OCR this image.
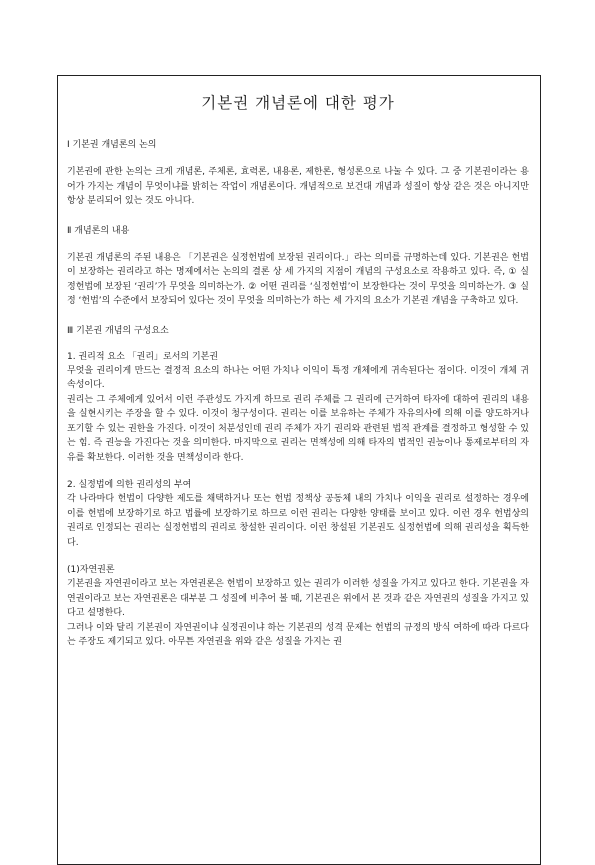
기본권 개념론에 대한 평가
Ⅰ 기본권 개념론의 논의

기본권에 관한 논의는 크게 개념론, 주체론, 효력론, 내용론, 제한론, 형성론으로 나눌 수 있다. 그 중 기본권이라는 용어가 가지는 개념이 무엇이냐를 밝히는 작업이 개념론이다. 개념적으로 보건대 개념과 성질이 항상 같은 것은 아니지만 항상 분리되어 있는 것도 아니다.

Ⅱ 개념론의 내용

기본권 개념론의 주된 내용은 「기본권은 실정헌법에 보장된 권리이다.」라는 의미를 규명하는데 있다. 기본권은 헌법이 보장하는 권리라고 하는 명제에서는 논의의 결론 상 세 가지의 지점이 개념의 구성요소로 작용하고 있다. 즉, ① 실정헌법에 보장된 ‘권리’가 무엇을 의미하는가. ② 어떤 권리를 ‘실정헌법’이 보장한다는 것이 무엇을 의미하는가. ③ 실정 ‘헌법’의 수준에서 보장되어 있다는 것이 무엇을 의미하는가 하는 세 가지의 요소가 기본권 개념을 구축하고 있다.

Ⅲ 기본권 개념의 구성요소
1. 권리적 요소 「권리」로서의 기본권

무엇을 권리이게 만드는 결정적 요소의 하나는 어떤 가치나 이익이 특정 개체에게 귀속된다는 점이다. 이것이 개체 귀속성이다.

권리는 그 주체에게 있어서 이런 주관성도 가지게 하므로 권리 주체를 그 권리에 근거하여 타자에 대하여 권리의 내용을 실현시키는 주장을 할 수 있다. 이것이 청구성이다. 권리는 이를 보유하는 주체가 자유의사에 의해 이를 양도하거나 포기할 수 있는 권한을 가진다. 이것이 처분성인데 권리 주체가 자기 권리와 관련된 법적 관계를 결정하고 형성할 수 있는 힘. 즉 권능을 가진다는 것을 의미한다. 마지막으로 권리는 면책성에 의해 타자의 법적인 권능이나 통제로부터의 자유를 확보한다. 이러한 것을 면책성이라 한다.

2. 실정법에 의한 권리성의 부여

각 나라마다 헌법이 다양한 제도를 채택하거나 또는 헌법 정책상 공동체 내의 가치나 이익을 권리로 설정하는 경우에 이를 헌법에 보장하기로 하고 법률에 보장하기로 하므로 이런 권리는 다양한 양태를 보이고 있다. 이런 경우 헌법상의 권리로 인정되는 권리는 실정헌법의 권리로 창설한 권리이다. 이런 창설된 기본권도 실정헌법에 의해 권리성을 획득한다.

(1)자연권론

기본권을 자연권이라고 보는 자연권론은 헌법이 보장하고 있는 권리가 이러한 성질을 가지고 있다고 한다. 기본권을 자연권이라고 보는 자연권론은 대부분 그 성질에 비추어 볼 때, 기본권은 위에서 본 것과 같은 자연권의 성질을 가지고 있다고 설명한다.

그러나 이와 달리 기본권이 자연권이냐 실정권이냐 하는 기본권의 성격 문제는 헌법의 규정의 방식 여하에 따라 다르다는 주장도 제기되고 있다. 아무튼 자연권을 위와 같은 성질을 가지는 권
